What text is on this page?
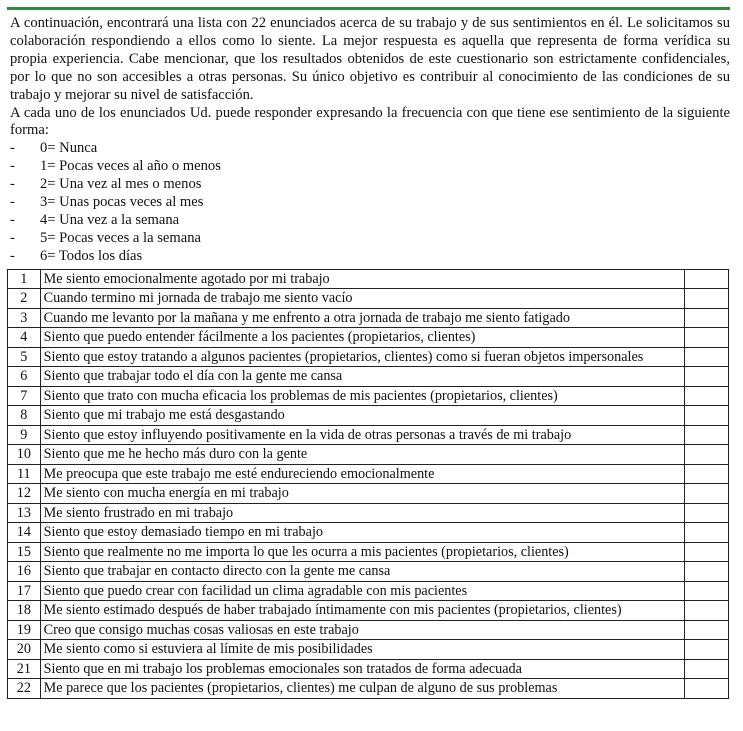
A continuación, encontrará una lista con 22 enunciados acerca de su trabajo y de sus sentimientos en él. Le solicitamos su colaboración respondiendo a ellos como lo siente. La mejor respuesta es aquella que representa de forma verídica su propia experiencia. Cabe mencionar, que los resultados obtenidos de este cuestionario son estrictamente confidenciales, por lo que no son accesibles a otras personas. Su único objetivo es contribuir al conocimiento de las condiciones de su trabajo y mejorar su nivel de satisfacción.

A cada uno de los enunciados Ud. puede responder expresando la frecuencia con que tiene ese sentimiento de la siguiente forma:

-	0= Nunca
-	1= Pocas veces al año o menos
-	2= Una vez al mes o menos
-	3= Unas pocas veces al mes
-	4= Una vez a la semana
-	5= Pocas veces a la semana
-	6= Todos los días
1	Me siento emocionalmente agotado por mi trabajo	
2	Cuando termino mi jornada de trabajo me siento vacío	
3	Cuando me levanto por la mañana y me enfrento a otra jornada de trabajo me siento fatigado	
4	Siento que puedo entender fácilmente a los pacientes (propietarios, clientes)	
5	Siento que estoy tratando a algunos pacientes (propietarios, clientes) como si fueran objetos impersonales	
6	Siento que trabajar todo el día con la gente me cansa	
7	Siento que trato con mucha eficacia los problemas de mis pacientes (propietarios, clientes)	
8	Siento que mi trabajo me está desgastando	
9	Siento que estoy influyendo positivamente en la vida de otras personas a través de mi trabajo	
10	Siento que me he hecho más duro con la gente	
11	Me preocupa que este trabajo me esté endureciendo emocionalmente	
12	Me siento con mucha energía en mi trabajo	
13	Me siento frustrado en mi trabajo	
14	Siento que estoy demasiado tiempo en mi trabajo	
15	Siento que realmente no me importa lo que les ocurra a mis pacientes (propietarios, clientes)	
16	Siento que trabajar en contacto directo con la gente me cansa	
17	Siento que puedo crear con facilidad un clima agradable con mis pacientes	
18	Me siento estimado después de haber trabajado íntimamente con mis pacientes (propietarios, clientes)	
19	Creo que consigo muchas cosas valiosas en este trabajo	
20	Me siento como si estuviera al límite de mis posibilidades	
21	Siento que en mi trabajo los problemas emocionales son tratados de forma adecuada	
22	Me parece que los pacientes (propietarios, clientes) me culpan de alguno de sus problemas	
